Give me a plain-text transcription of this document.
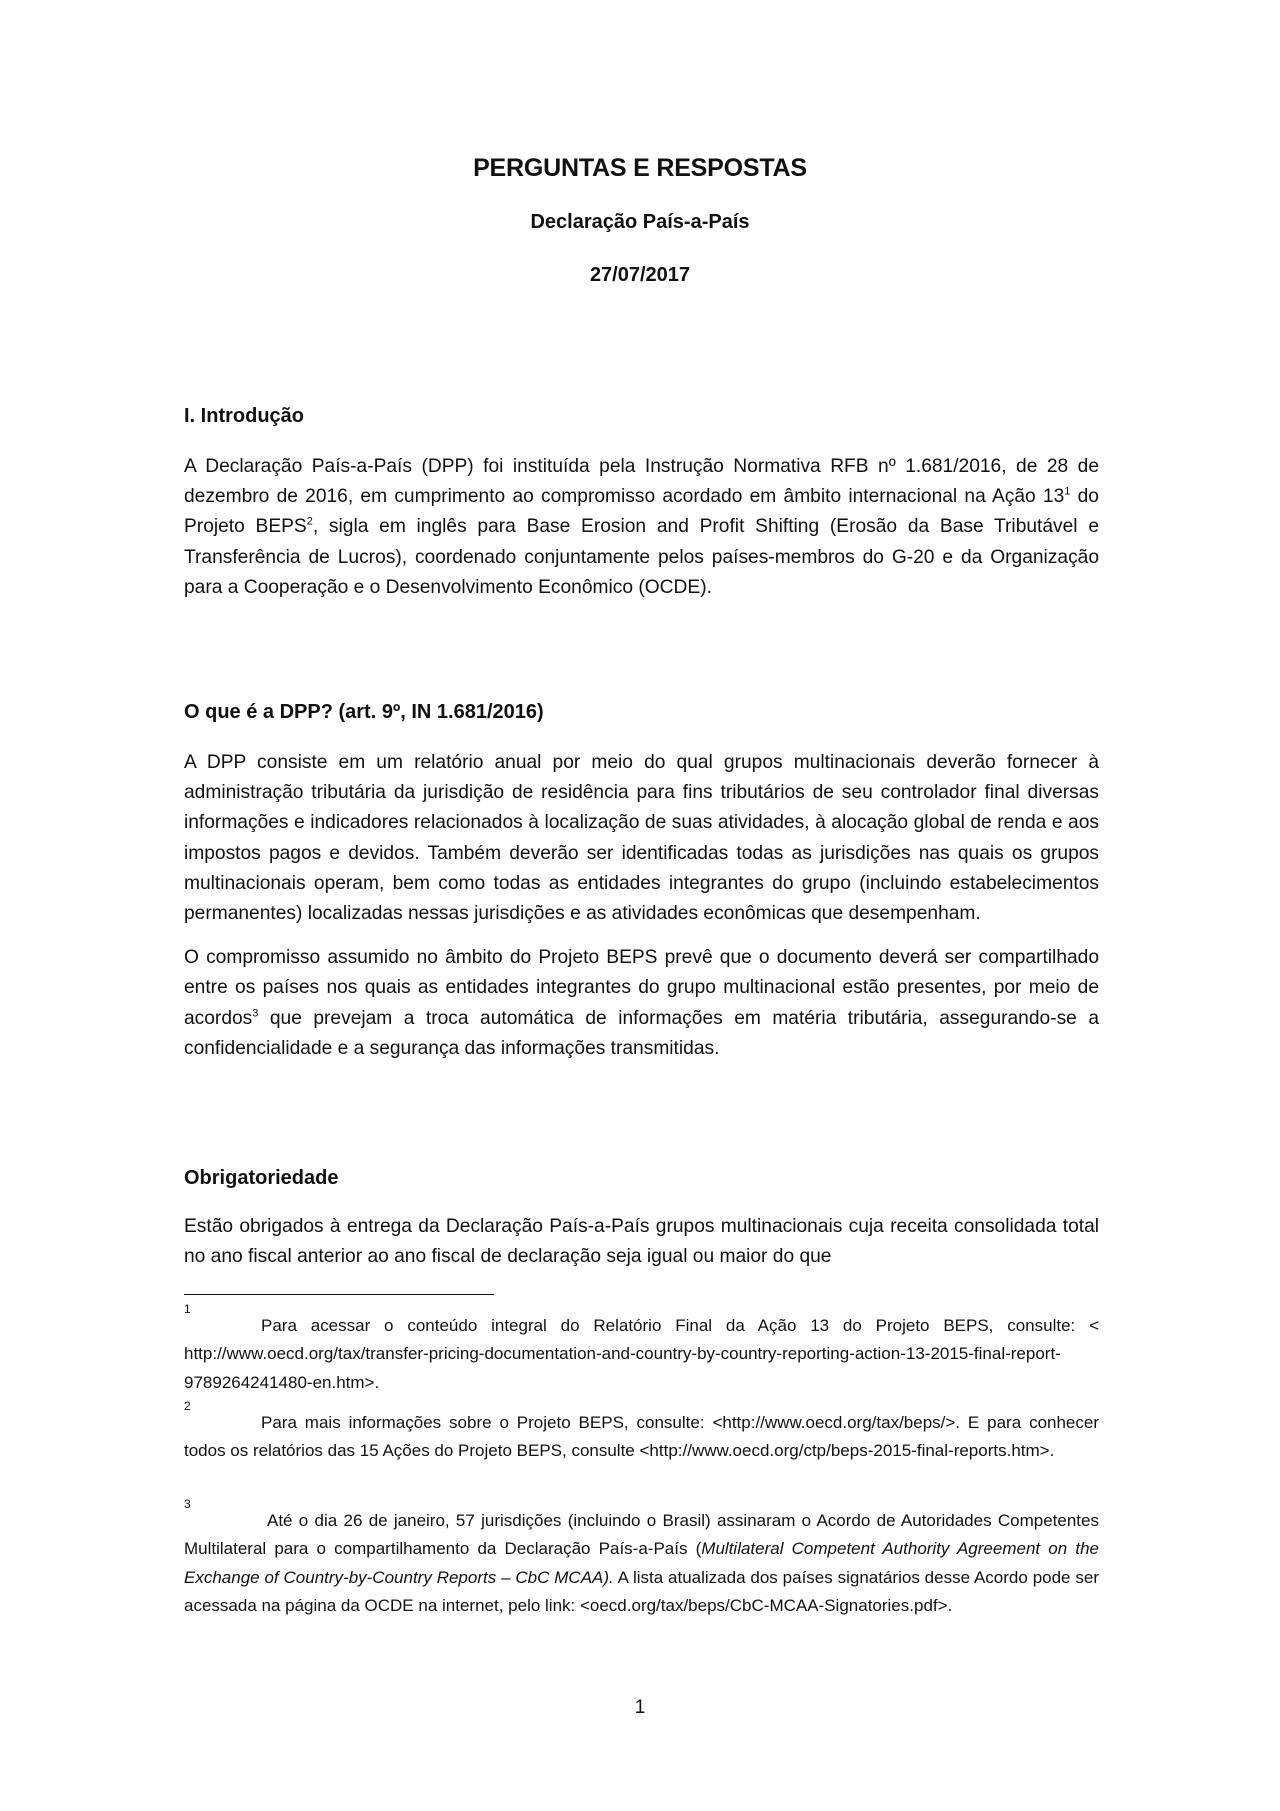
PERGUNTAS E RESPOSTAS
Declaração País-a-País
27/07/2017

I. Introdução

A Declaração País-a-País (DPP) foi instituída pela Instrução Normativa RFB nº 1.681/2016, de 28 de dezembro de 2016, em cumprimento ao compromisso acordado em âmbito internacional na Ação $13^1$ do Projeto BEPS$^2$, sigla em inglês para Base Erosion and Profit Shifting (Erosão da Base Tributável e Transferência de Lucros), coordenado conjuntamente pelos países-membros do G-20 e da Organização para a Cooperação e o Desenvolvimento Econômico (OCDE).

O que é a DPP? (art. 9º, IN 1.681/2016)

A DPP consiste em um relatório anual por meio do qual grupos multinacionais deverão fornecer à administração tributária da jurisdição de residência para fins tributários de seu controlador final diversas informações e indicadores relacionados à localização de suas atividades, à alocação global de renda e aos impostos pagos e devidos. Também deverão ser identificadas todas as jurisdições nas quais os grupos multinacionais operam, bem como todas as entidades integrantes do grupo (incluindo estabelecimentos permanentes) localizadas nessas jurisdições e as atividades econômicas que desempenham.

O compromisso assumido no âmbito do Projeto BEPS prevê que o documento deverá ser compartilhado entre os países nos quais as entidades integrantes do grupo multinacional estão presentes, por meio de acordos$^3$ que prevejam a troca automática de informações em matéria tributária, assegurando-se a confidencialidade e a segurança das informações transmitidas.

Obrigatoriedade

Estão obrigados à entrega da Declaração País-a-País grupos multinacionais cuja receita consolidada total no ano fiscal anterior ao ano fiscal de declaração seja igual ou maior do que

1
Para acessar o conteúdo integral do Relatório Final da Ação 13 do Projeto BEPS, consulte: < http://www.oecd.org/tax/transfer-pricing-documentation-and-country-by-country-reporting-action-13-2015-final-report-9789264241480-en.htm>.

2
Para mais informações sobre o Projeto BEPS, consulte: <http://www.oecd.org/tax/beps/>. E para conhecer todos os relatórios das 15 Ações do Projeto BEPS, consulte <http://www.oecd.org/ctp/beps-2015-final-reports.htm>.

3
Até o dia 26 de janeiro, 57 jurisdições (incluindo o Brasil) assinaram o Acordo de Autoridades Competentes Multilateral para o compartilhamento da Declaração País-a-País (Multilateral Competent Authority Agreement on the Exchange of Country-by-Country Reports – CbC MCAA). A lista atualizada dos países signatários desse Acordo pode ser acessada na página da OCDE na internet, pelo link: <oecd.org/tax/beps/CbC-MCAA-Signatories.pdf>.

1
